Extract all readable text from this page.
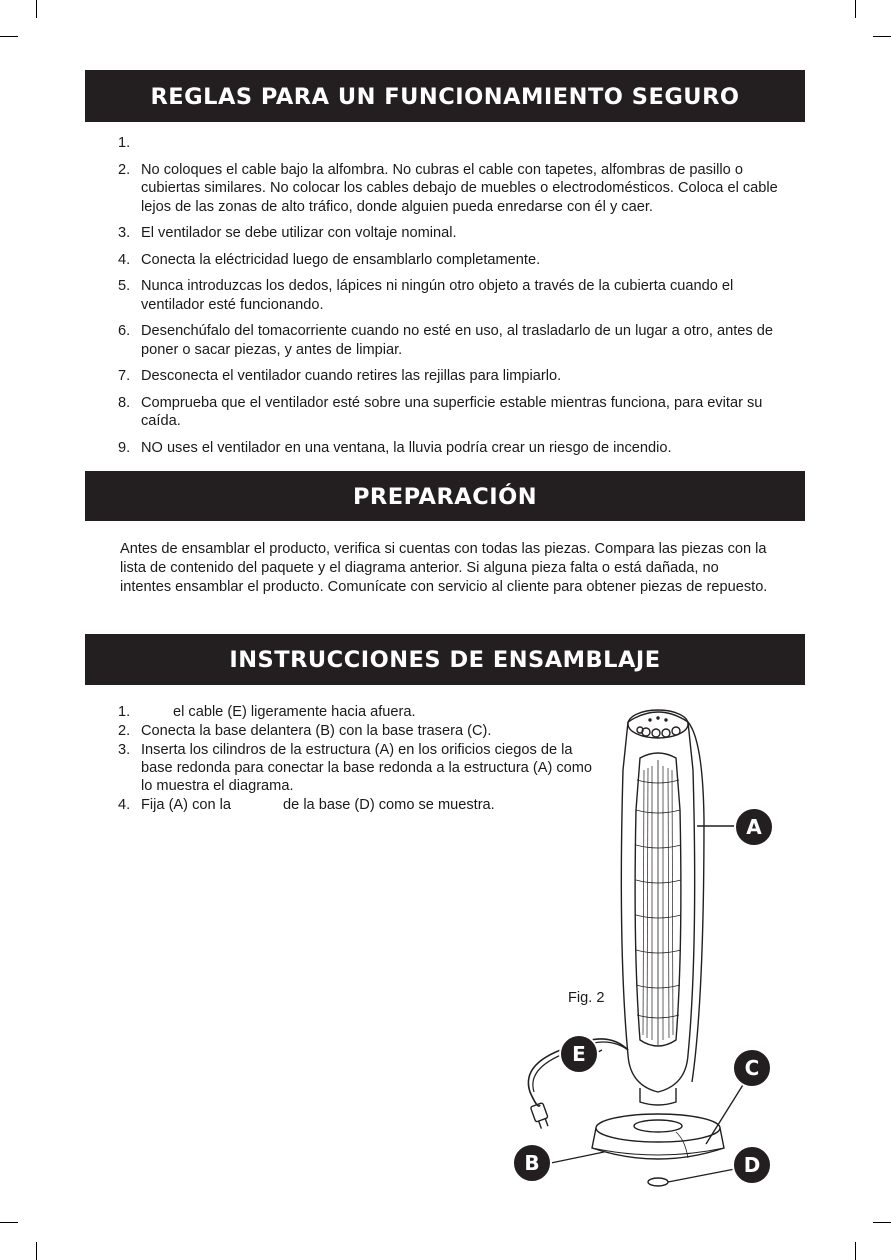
REGLAS PARA UN FUNCIONAMIENTO SEGURO
1.

2. No coloques el cable bajo la alfombra. No cubras el cable con tapetes, alfombras de pasillo o cubiertas similares. No colocar los cables debajo de muebles o electrodomésticos. Coloca el cable lejos de las zonas de alto tráfico, donde alguien pueda enredarse con él y caer.
3. El ventilador se debe utilizar con voltaje nominal.
4. Conecta la eléctricidad luego de ensamblarlo completamente.
5. Nunca introduzcas los dedos, lápices ni ningún otro objeto a través de la cubierta cuando el ventilador esté funcionando.
6. Desenchúfalo del tomacorriente cuando no esté en uso, al trasladarlo de un lugar a otro, antes de poner o sacar piezas, y antes de limpiar.
7. Desconecta el ventilador cuando retires las rejillas para limpiarlo.
8. Comprueba que el ventilador esté sobre una superficie estable mientras funciona, para evitar su caída.
9. NO uses el ventilador en una ventana, la lluvia podría crear un riesgo de incendio.
PREPARACIÓN

Antes de ensamblar el producto, verifica si cuentas con todas las piezas. Compara las piezas con la lista de contenido del paquete y el diagrama anterior. Si alguna pieza falta o está dañada, no intentes ensamblar el producto. Comunícate con servicio al cliente para obtener piezas de repuesto.

INSTRUCCIONES DE ENSAMBLAJE
1.	el cable (E) ligeramente hacia afuera.
2. Conecta la base delantera (B) con la base trasera (C).
3. Inserta los cilindros de la estructura (A) en los orificios ciegos de la base redonda para conectar la base redonda a la estructura (A) como lo muestra el diagrama.
4. Fija (A) con la	de la base (D) como se muestra.
Fig. 2
A
B
C
D
E
